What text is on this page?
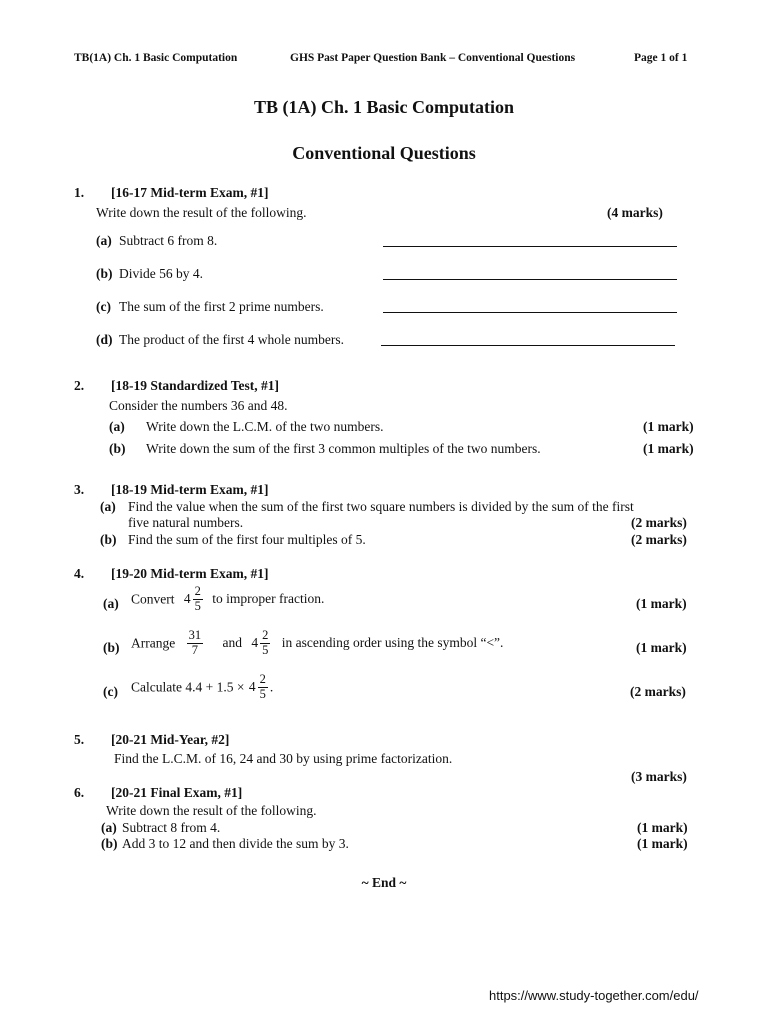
TB(1A) Ch. 1 Basic Computation	GHS Past Paper Question Bank – Conventional Questions	Page 1 of 1
TB (1A) Ch. 1 Basic Computation
Conventional Questions
1. [16-17 Mid-term Exam, #1]
Write down the result of the following.	(4 marks)
(a) Subtract 6 from 8.
(b) Divide 56 by 4.
(c) The sum of the first 2 prime numbers.
(d) The product of the first 4 whole numbers.
2. [18-19 Standardized Test, #1]
Consider the numbers 36 and 48.
(a) Write down the L.C.M. of the two numbers.	(1 mark)
(b) Write down the sum of the first 3 common multiples of the two numbers.	(1 mark)
3. [18-19 Mid-term Exam, #1]
(a) Find the value when the sum of the first two square numbers is divided by the sum of the first
five natural numbers.	(2 marks)
(b) Find the sum of the first four multiples of 5.	(2 marks)
4. [19-20 Mid-term Exam, #1]
(a) Convert $4 \frac{2}{5}$ to improper fraction.	(1 mark)
(b) Arrange $\frac{31}{7}$ and $4 \frac{2}{5}$ in ascending order using the symbol “<”.	(1 mark)
(c) Calculate $4.4 + 1.5 \times 4 \frac{2}{5}$ .	(2 marks)
5. [20-21 Mid-Year, #2]
Find the L.C.M. of 16, 24 and 30 by using prime factorization.
(3 marks)
6. [20-21 Final Exam, #1]
Write down the result of the following.
(a) Subtract 8 from 4.	(1 mark)
(b) Add 3 to 12 and then divide the sum by 3.	(1 mark)
~ End ~
https://www.study-together.com/edu/
